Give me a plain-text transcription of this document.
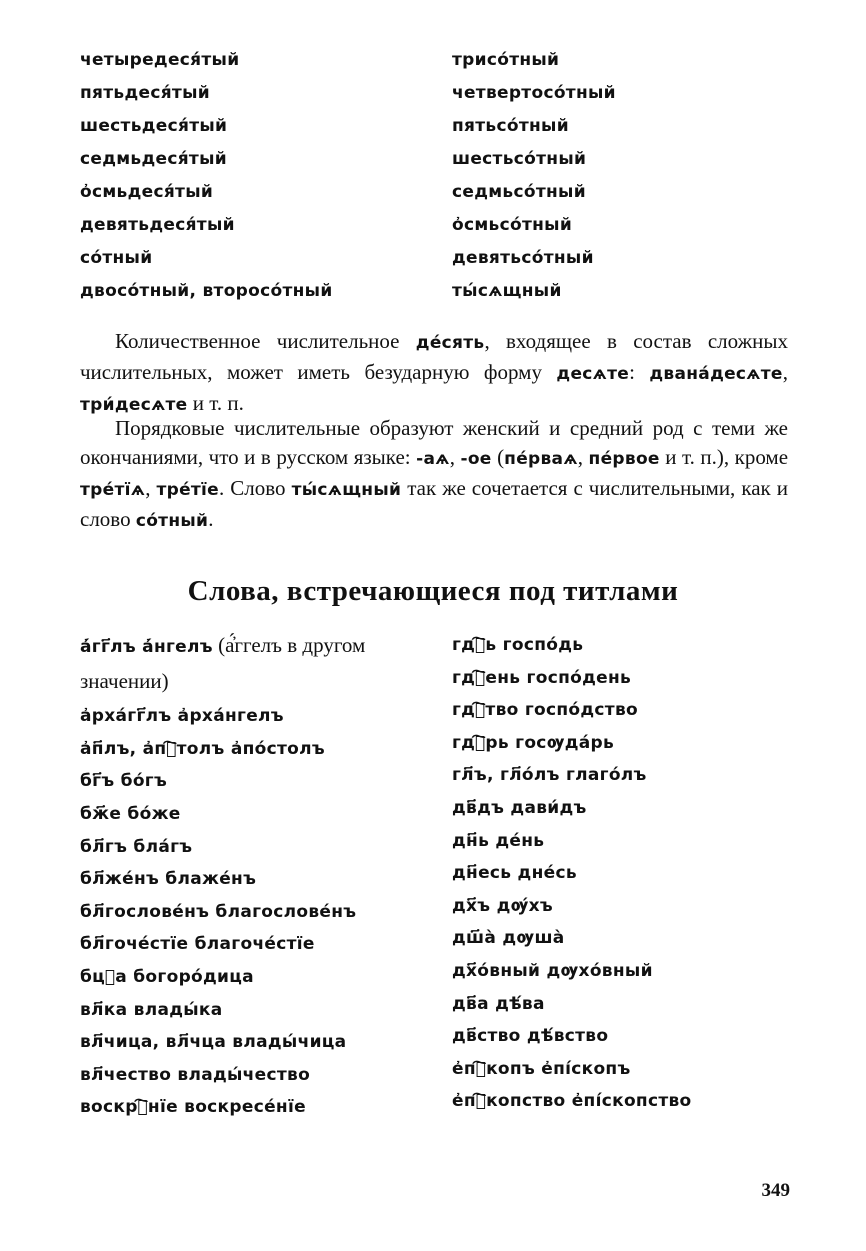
четыредеся́тый
пятьдеся́тый
шестьдеся́тый
седмьдеся́тый
о҆смьдеся́тый
девятьдеся́тый
со́тный
двосо́тный, второсо́тный
трисо́тный
четвертосо́тный
пятьсо́тный
шестьсо́тный
седмьсо́тный
о҆смьсо́тный
девятьсо́тный
ты́сѧщный

Количественное числительное де́сять, входящее в состав сложных числительных, может иметь безударную форму десѧте: двана́десѧте, три́десѧте и т. п.

Порядковые числительные образуют женский и средний род с теми же окончаниями, что и в русском языке: -аѧ, -ое (пе́рваѧ, пе́рвое и т. п.), кроме тре́тїѧ, тре́тїе. Слово ты́сѧщный так же сочетается с числительными, как и слово со́тный.

Слова, встречающиеся под титлами
а҆́гг҃лъ а҆́нгелъ (а҆́ггелъ в другом значении)
а҆рха́гг҃лъ а҆рха́нгелъ
а҆п҃лъ, а҆пⷭ҇толъ а҆по́столъ
бг҃ъ бо́гъ
бж҃е бо́же
бл҃гъ бла́гъ
бл҃же́нъ блаже́нъ
бл҃гослове́нъ благослове́нъ
бл҃гоче́стїе благоче́стїе
бцⷣа богоро́дица
вл҃ка влады́ка
вл҃чица, вл҃чца влады́чица
вл҃чество влады́чество
воскрⷭ҇нїе воскресе́нїе
гдⷭ҇ь госпо́дь
гдⷭ҇ень госпо́день
гдⷭ҇тво госпо́дство
гдⷭ҇рь госѹда́рь
гл҃ъ, гл҃о́лъ глаго́лъ
дв҃дъ дави́дъ
дн҃ь де́нь
дн҃есь дне́сь
дх҃ъ дѹ́хъ
дш҃а̀ дѹша̀
дх҃о́вный дѹхо́вный
дв҃а дѣ́ва
дв҃ство дѣ́вство
е҆пⷭ҇копъ е҆пі́скопъ
е҆пⷭ҇копство е҆пі́скопство
349
